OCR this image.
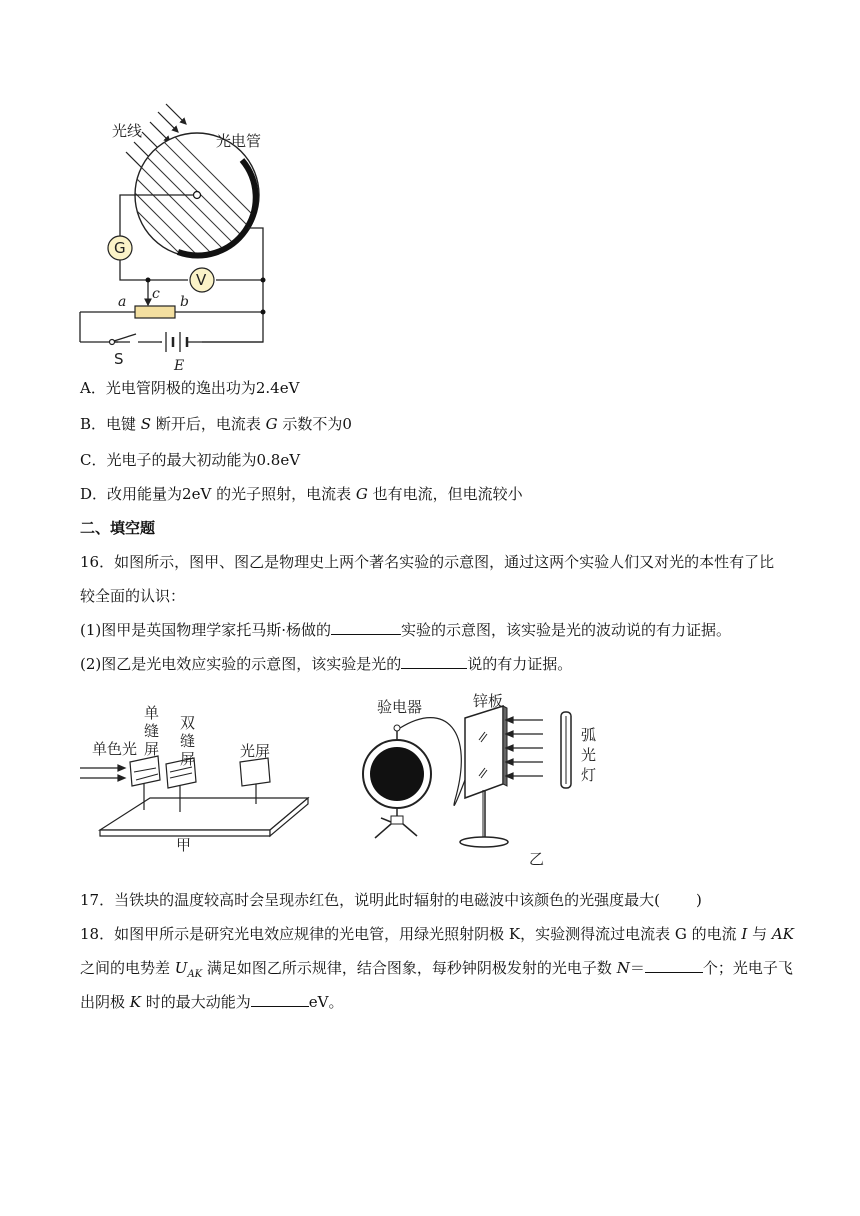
G
V
a	b
c
S	E
光线
光电管
A．光电管阴极的逸出功为2.4eV
B．电键 S 断开后，电流表 G 示数不为0
C．光电子的最大初动能为0.8eV
D．改用能量为2eV 的光子照射，电流表 G 也有电流，但电流较小
二、填空题
16．如图所示，图甲、图乙是物理史上两个著名实验的示意图，通过这两个实验人们又对光的本性有了比
较全面的认识：
(1)图甲是英国物理学家托马斯·杨做的	实验的示意图，该实验是光的波动说的有力证据。
(2)图乙是光电效应实验的示意图，该实验是光的	说的有力证据。
单色光
单缝屏
双缝屏	光屏
甲
验电器	锌板
弧光灯
乙
17．当铁块的温度较高时会呈现赤红色，说明此时辐射的电磁波中该颜色的光强度最大( )
18．如图甲所示是研究光电效应规律的光电管，用绿光照射阴极 K，实验测得流过电流表 G 的电流 I 与 AK
之间的电势差 $U_{AK}$ 满足如图乙所示规律，结合图象，每秒钟阴极发射的光电子数 N＝	个；光电子飞
出阴极 K 时的最大动能为	eV。
